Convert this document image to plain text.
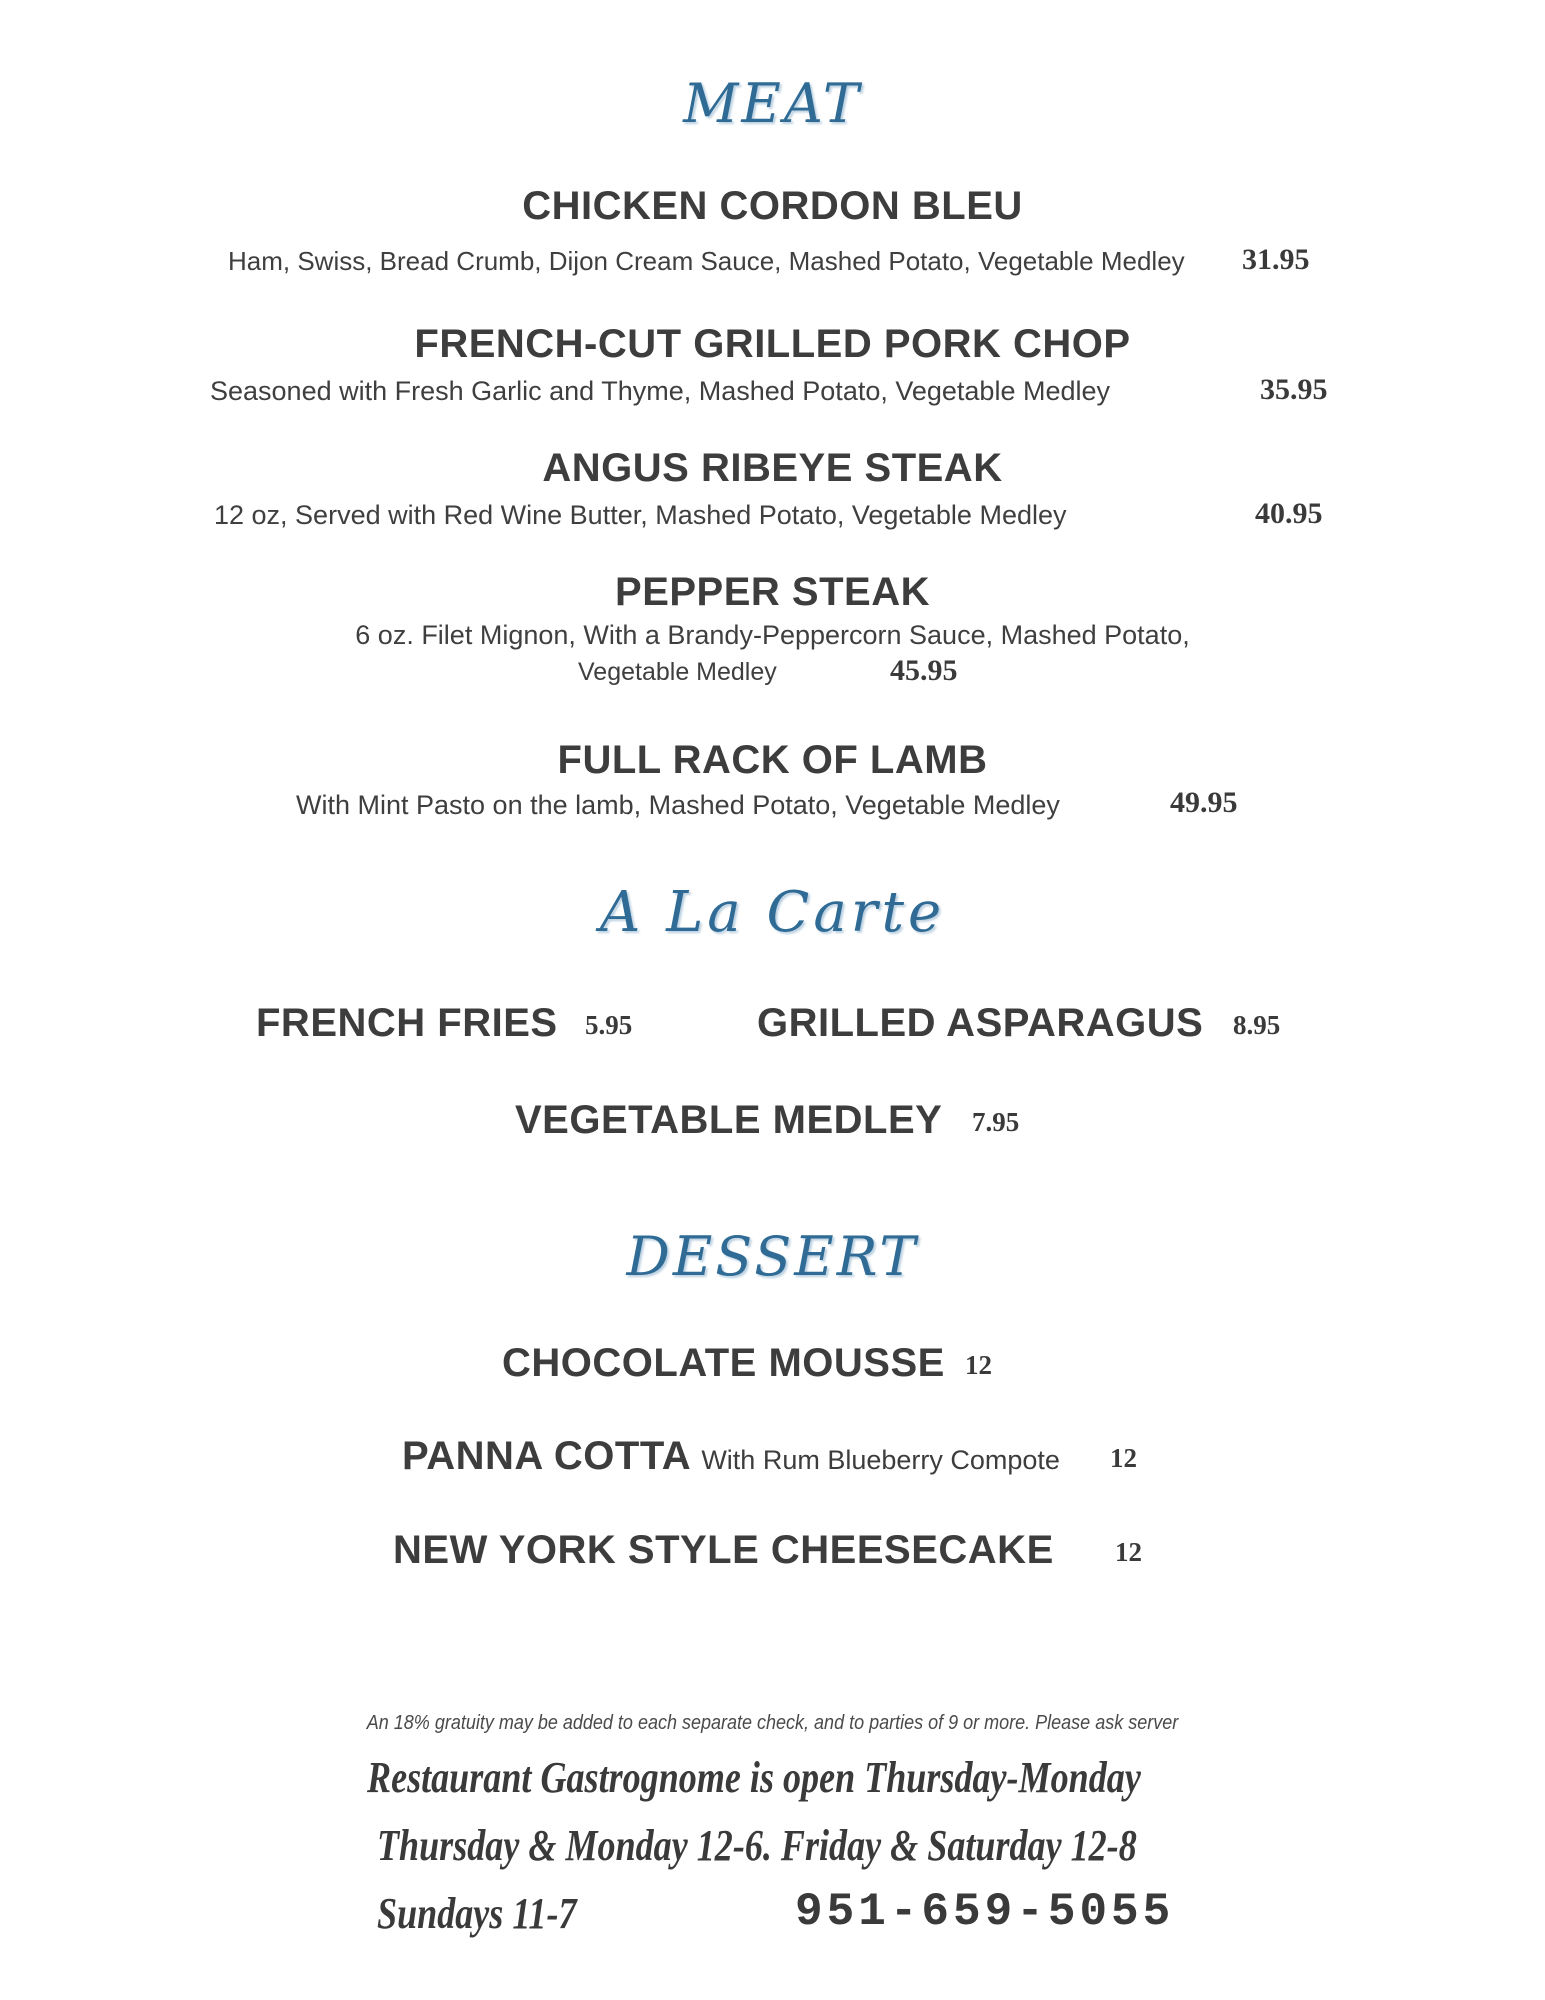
MEAT
CHICKEN CORDON BLEU
Ham, Swiss, Bread Crumb, Dijon Cream Sauce, Mashed Potato, Vegetable Medley 31.95
FRENCH-CUT GRILLED PORK CHOP
Seasoned with Fresh Garlic and Thyme, Mashed Potato, Vegetable Medley	35.95
ANGUS RIBEYE STEAK
12 oz, Served with Red Wine Butter, Mashed Potato, Vegetable Medley	40.95
PEPPER STEAK
6 oz. Filet Mignon, With a Brandy-Peppercorn Sauce, Mashed Potato,
Vegetable Medley	45.95
FULL RACK OF LAMB
With Mint Pasto on the lamb, Mashed Potato, Vegetable Medley	49.95
A La Carte
FRENCH FRIES 5.95	GRILLED ASPARAGUS 8.95
VEGETABLE MEDLEY 7.95
DESSERT
CHOCOLATE MOUSSE 12
PANNA COTTA With Rum Blueberry Compote 12
NEW YORK STYLE CHEESECAKE 12
An 18% gratuity may be added to each separate check, and to parties of 9 or more. Please ask server
Restaurant Gastrognome is open Thursday-Monday
Thursday & Monday 12-6. Friday & Saturday 12-8
Sundays 11-7	951-659-5055
